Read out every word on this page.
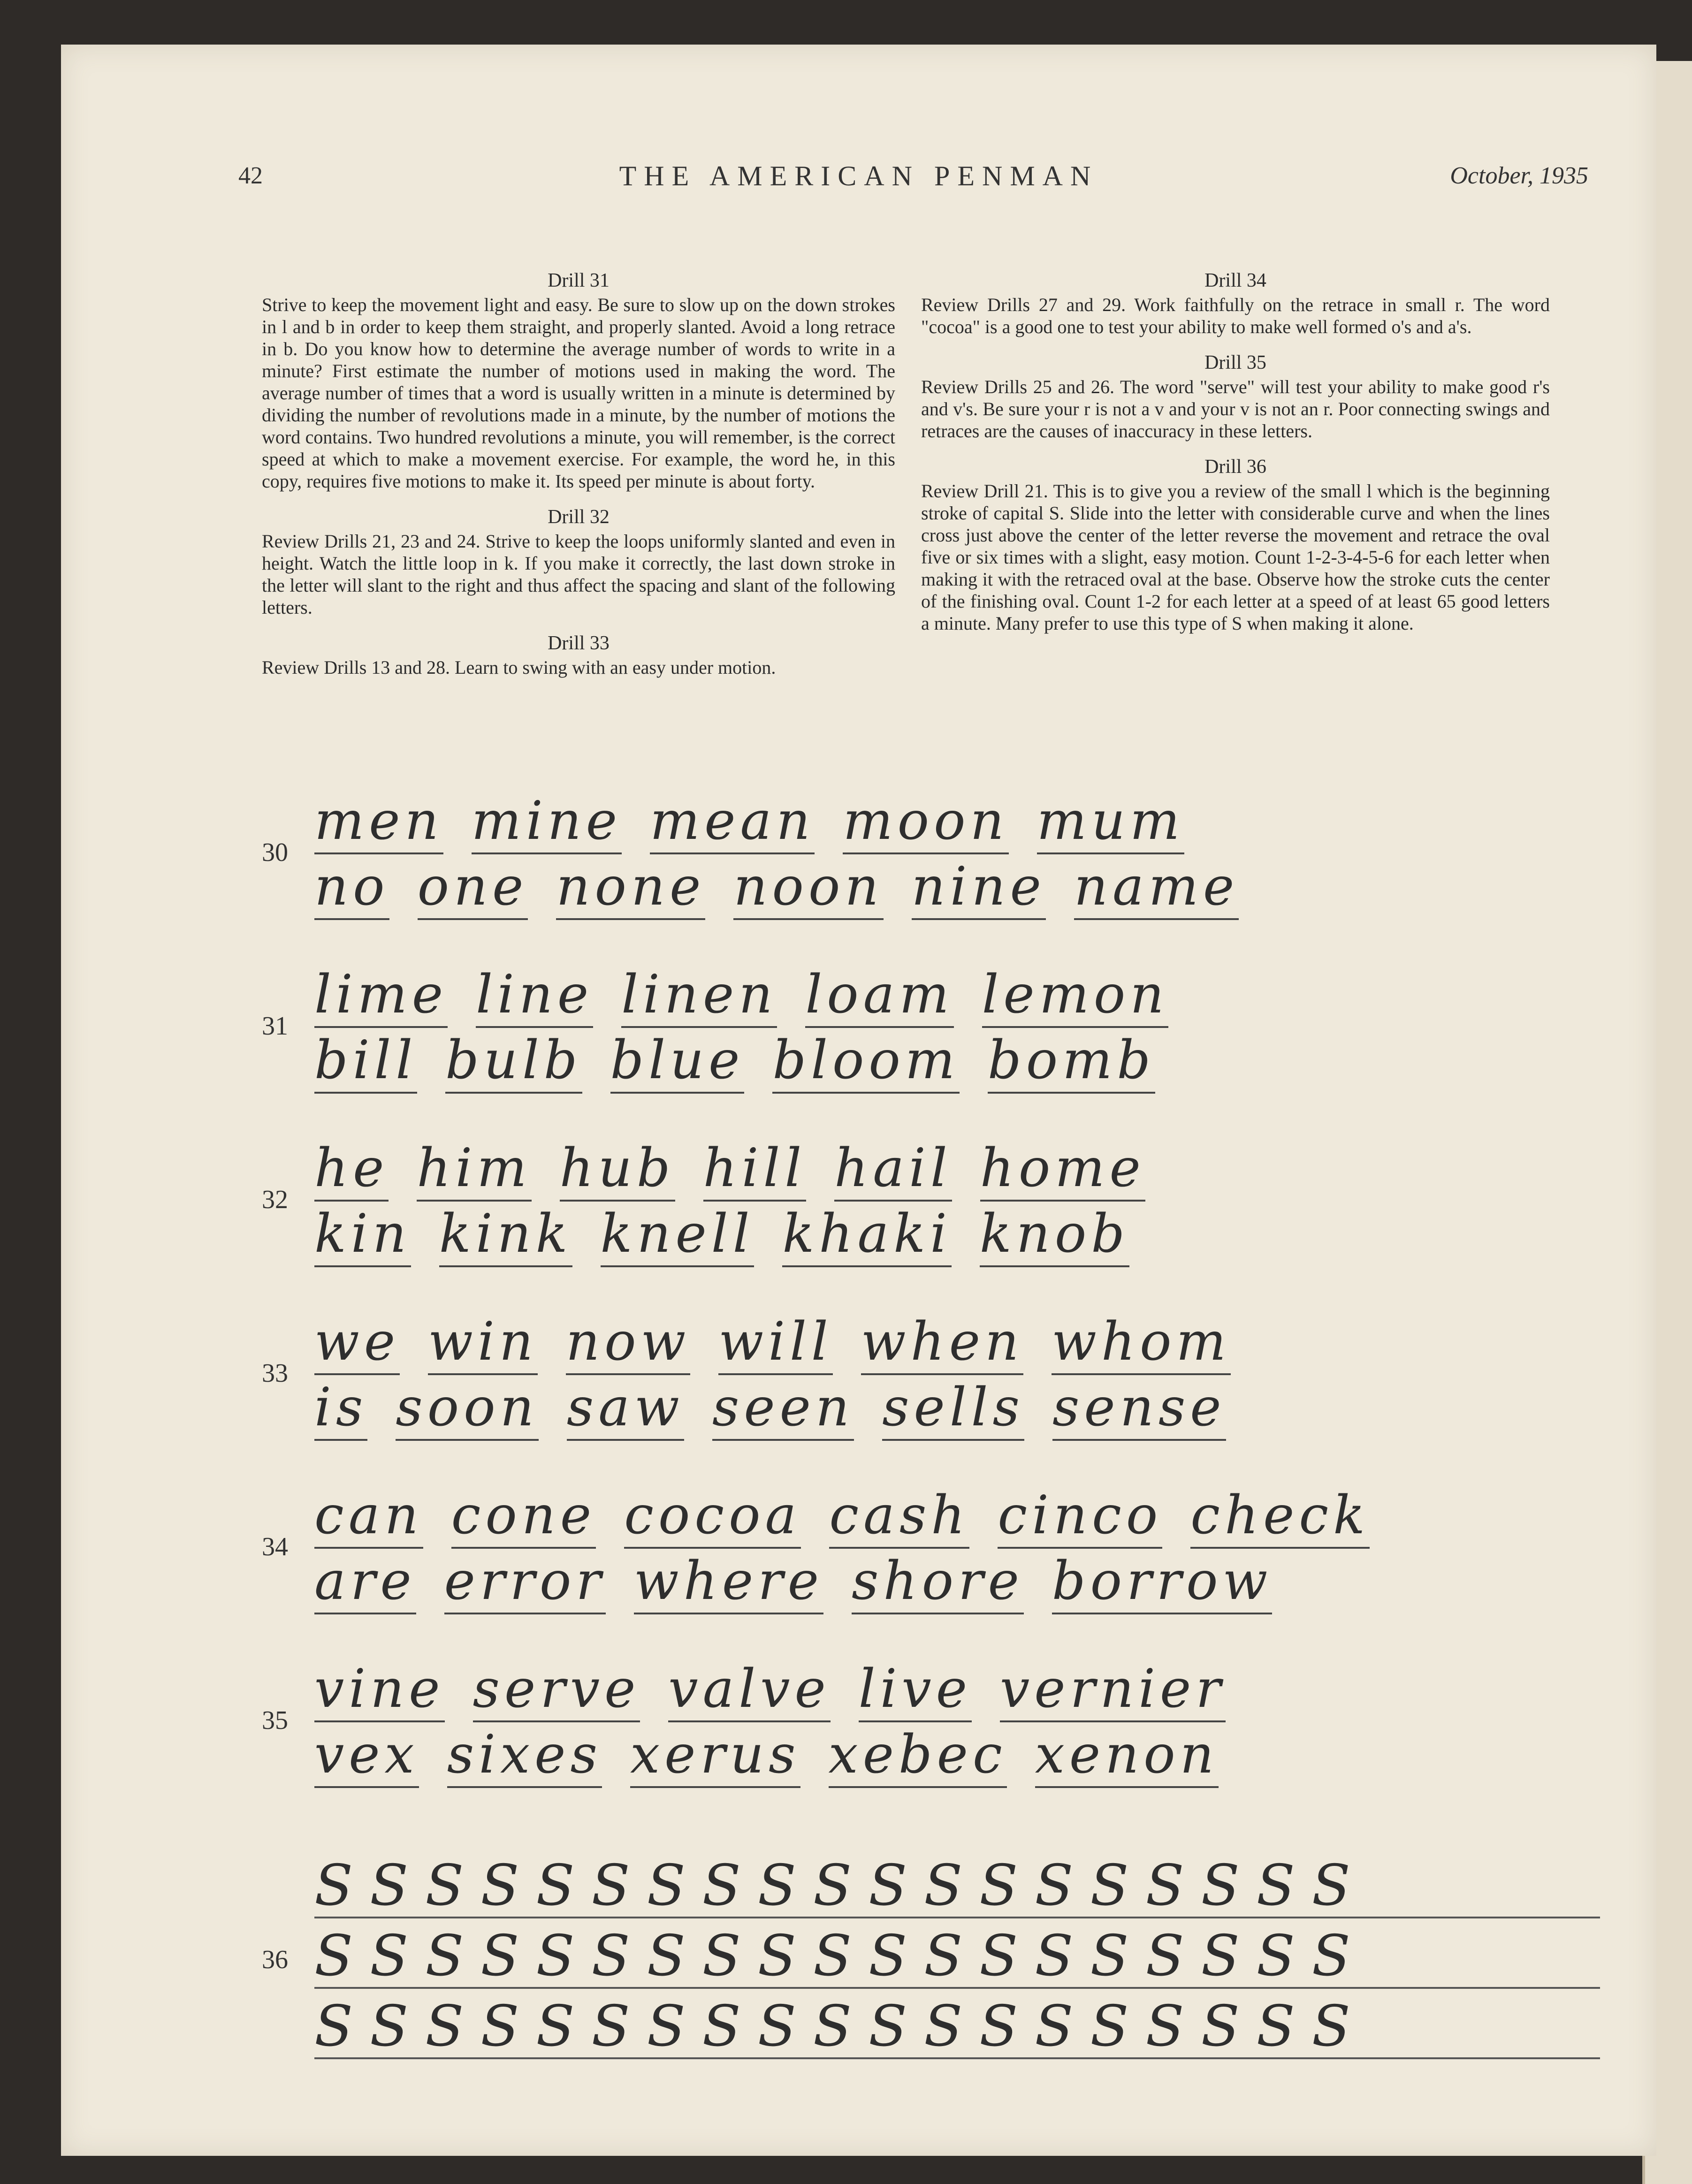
42	THE AMERICAN PENMAN	October, 1935
Drill 31
Strive to keep the movement light and easy. Be sure to slow up on the down strokes in l and b in order to keep them straight, and properly slanted. Avoid a long retrace in b. Do you know how to determine the average number of words to write in a minute? First estimate the number of motions used in making the word. The average number of times that a word is usually written in a minute is determined by dividing the number of revolutions made in a minute, by the number of motions the word contains. Two hundred revolutions a minute, you will remember, is the correct speed at which to make a movement exercise. For example, the word he, in this copy, requires five motions to make it. Its speed per minute is about forty.
Drill 32
Review Drills 21, 23 and 24. Strive to keep the loops uniformly slanted and even in height. Watch the little loop in k. If you make it correctly, the last down stroke in the letter will slant to the right and thus affect the spacing and slant of the following letters.
Drill 33
Review Drills 13 and 28. Learn to swing with an easy under motion.
Drill 34
Review Drills 27 and 29. Work faithfully on the retrace in small r. The word "cocoa" is a good one to test your ability to make well formed o's and a's.
Drill 35
Review Drills 25 and 26. The word "serve" will test your ability to make good r's and v's. Be sure your r is not a v and your v is not an r. Poor connecting swings and retraces are the causes of inaccuracy in these letters.
Drill 36
Review Drill 21. This is to give you a review of the small l which is the beginning stroke of capital S. Slide into the letter with considerable curve and when the lines cross just above the center of the letter reverse the movement and retrace the oval five or six times with a slight, easy motion. Count 1-2-3-4-5-6 for each letter when making it with the retraced oval at the base. Observe how the stroke cuts the center of the finishing oval. Count 1-2 for each letter at a speed of at least 65 good letters a minute. Many prefer to use this type of S when making it alone.
30
men mine mean moon mum
no one none noon nine name
31
lime line linen loam lemon
bill bulb blue bloom bomb
32
he him hub hill hail home
kin kink knell khaki knob
33
we win now will when whom
is soon saw seen sells sense
34
can cone cocoa cash cinco check
are error where shore borrow
35
vine serve valve live vernier
vex sixes xerus xebec xenon
36
SSSSSSSSSSSSSSSSSSS
SSSSSSSSSSSSSSSSSSS
SSSSSSSSSSSSSSSSSSS
